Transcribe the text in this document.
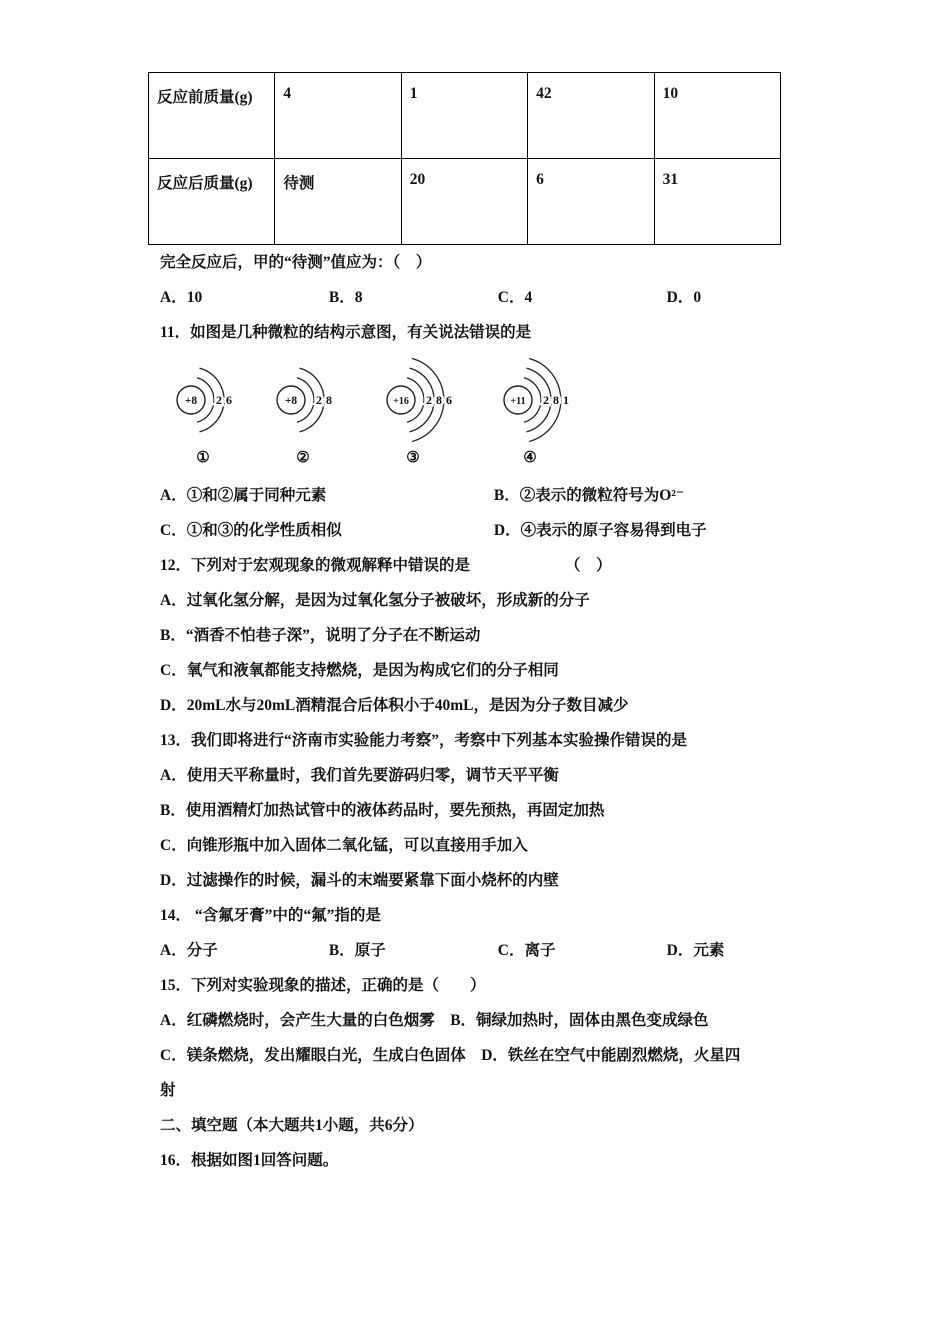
反应前质量(g)	4	1	42	10
反应后质量(g)	待测	20	6	31
完全反应后，甲的“待测”值应为：（　）
A．10	B．8	C．4	D．0
11．如图是几种微粒的结构示意图，有关说法错误的是
2 6
+8
①
2 8
+8
②
2 8 6
+16
③
2 8 1
+11
④
A．①和②属于同种元素	B．②表示的微粒符号为O²⁻
C．①和③的化学性质相似	D．④表示的原子容易得到电子
12．下列对于宏观现象的微观解释中错误的是	（　）
A．过氧化氢分解，是因为过氧化氢分子被破坏，形成新的分子
B．“酒香不怕巷子深”，说明了分子在不断运动
C．氧气和液氧都能支持燃烧，是因为构成它们的分子相同
D．20mL水与20mL酒精混合后体积小于40mL，是因为分子数目减少
13．我们即将进行“济南市实验能力考察”，考察中下列基本实验操作错误的是
A．使用天平称量时，我们首先要游码归零，调节天平平衡
B．使用酒精灯加热试管中的液体药品时，要先预热，再固定加热
C．向锥形瓶中加入固体二氧化锰，可以直接用手加入
D．过滤操作的时候，漏斗的末端要紧靠下面小烧杯的内壁
14． “含氟牙膏”中的“氟”指的是
A．分子	B．原子	C．离子	D．元素
15．下列对实验现象的描述，正确的是（　　）
A．红磷燃烧时，会产生大量的白色烟雾　B．铜绿加热时，固体由黑色变成绿色
C．镁条燃烧，发出耀眼白光，生成白色固体　D．铁丝在空气中能剧烈燃烧，火星四
射
二、填空题（本大题共1小题，共6分）
16．根据如图1回答问题。
